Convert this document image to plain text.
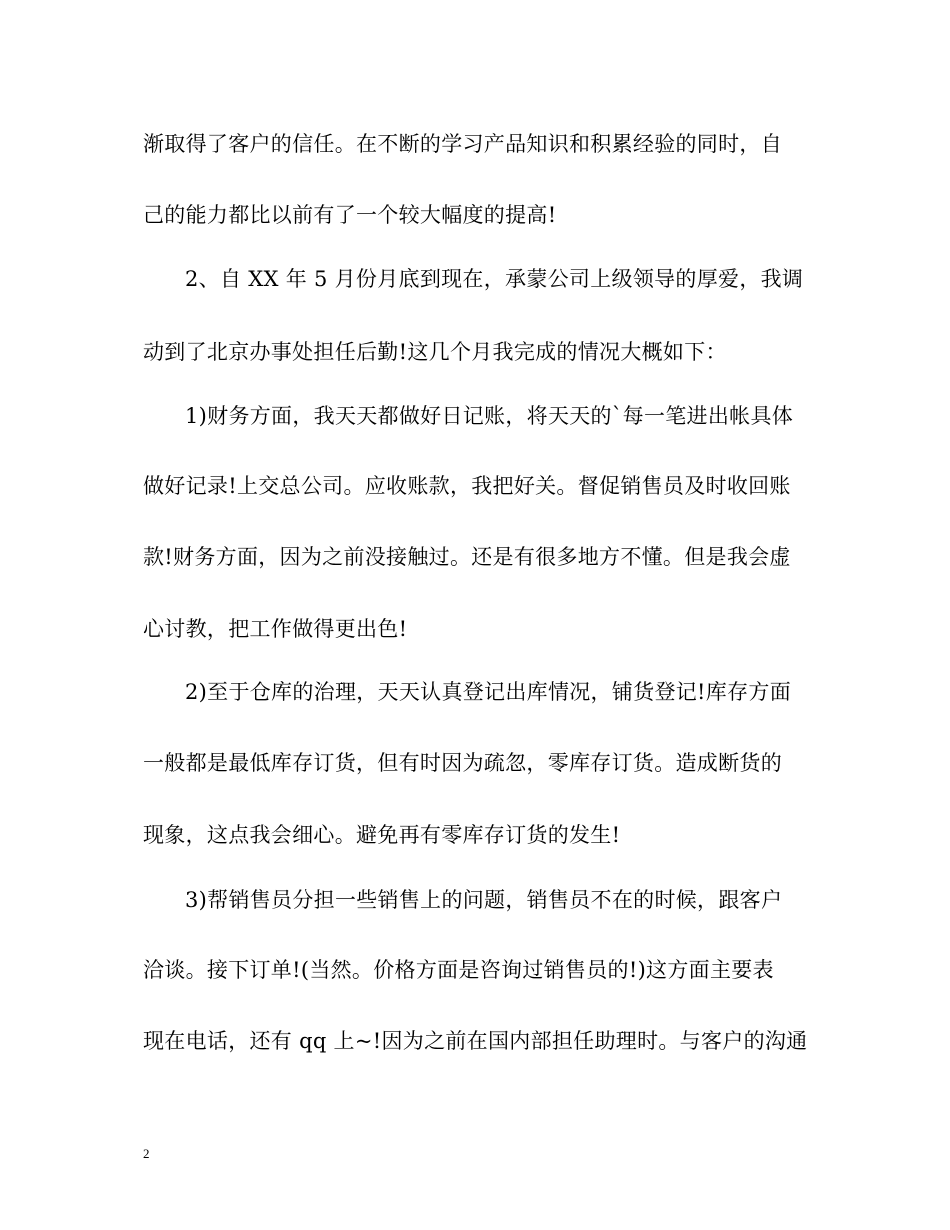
渐取得了客户的信任。在不断的学习产品知识和积累经验的同时，自
己的能力都比以前有了一个较大幅度的提高!
2、自 XX 年 5 月份月底到现在，承蒙公司上级领导的厚爱，我调
动到了北京办事处担任后勤!这几个月我完成的情况大概如下：
1)财务方面，我天天都做好日记账，将天天的`每一笔进出帐具体
做好记录!上交总公司。应收账款，我把好关。督促销售员及时收回账
款!财务方面，因为之前没接触过。还是有很多地方不懂。但是我会虚
心讨教，把工作做得更出色!
2)至于仓库的治理，天天认真登记出库情况，铺货登记!库存方面
一般都是最低库存订货，但有时因为疏忽，零库存订货。造成断货的
现象，这点我会细心。避免再有零库存订货的发生!
3)帮销售员分担一些销售上的问题，销售员不在的时候，跟客户
洽谈。接下订单!(当然。价格方面是咨询过销售员的!)这方面主要表
现在电话，还有 qq 上~!因为之前在国内部担任助理时。与客户的沟通
2
